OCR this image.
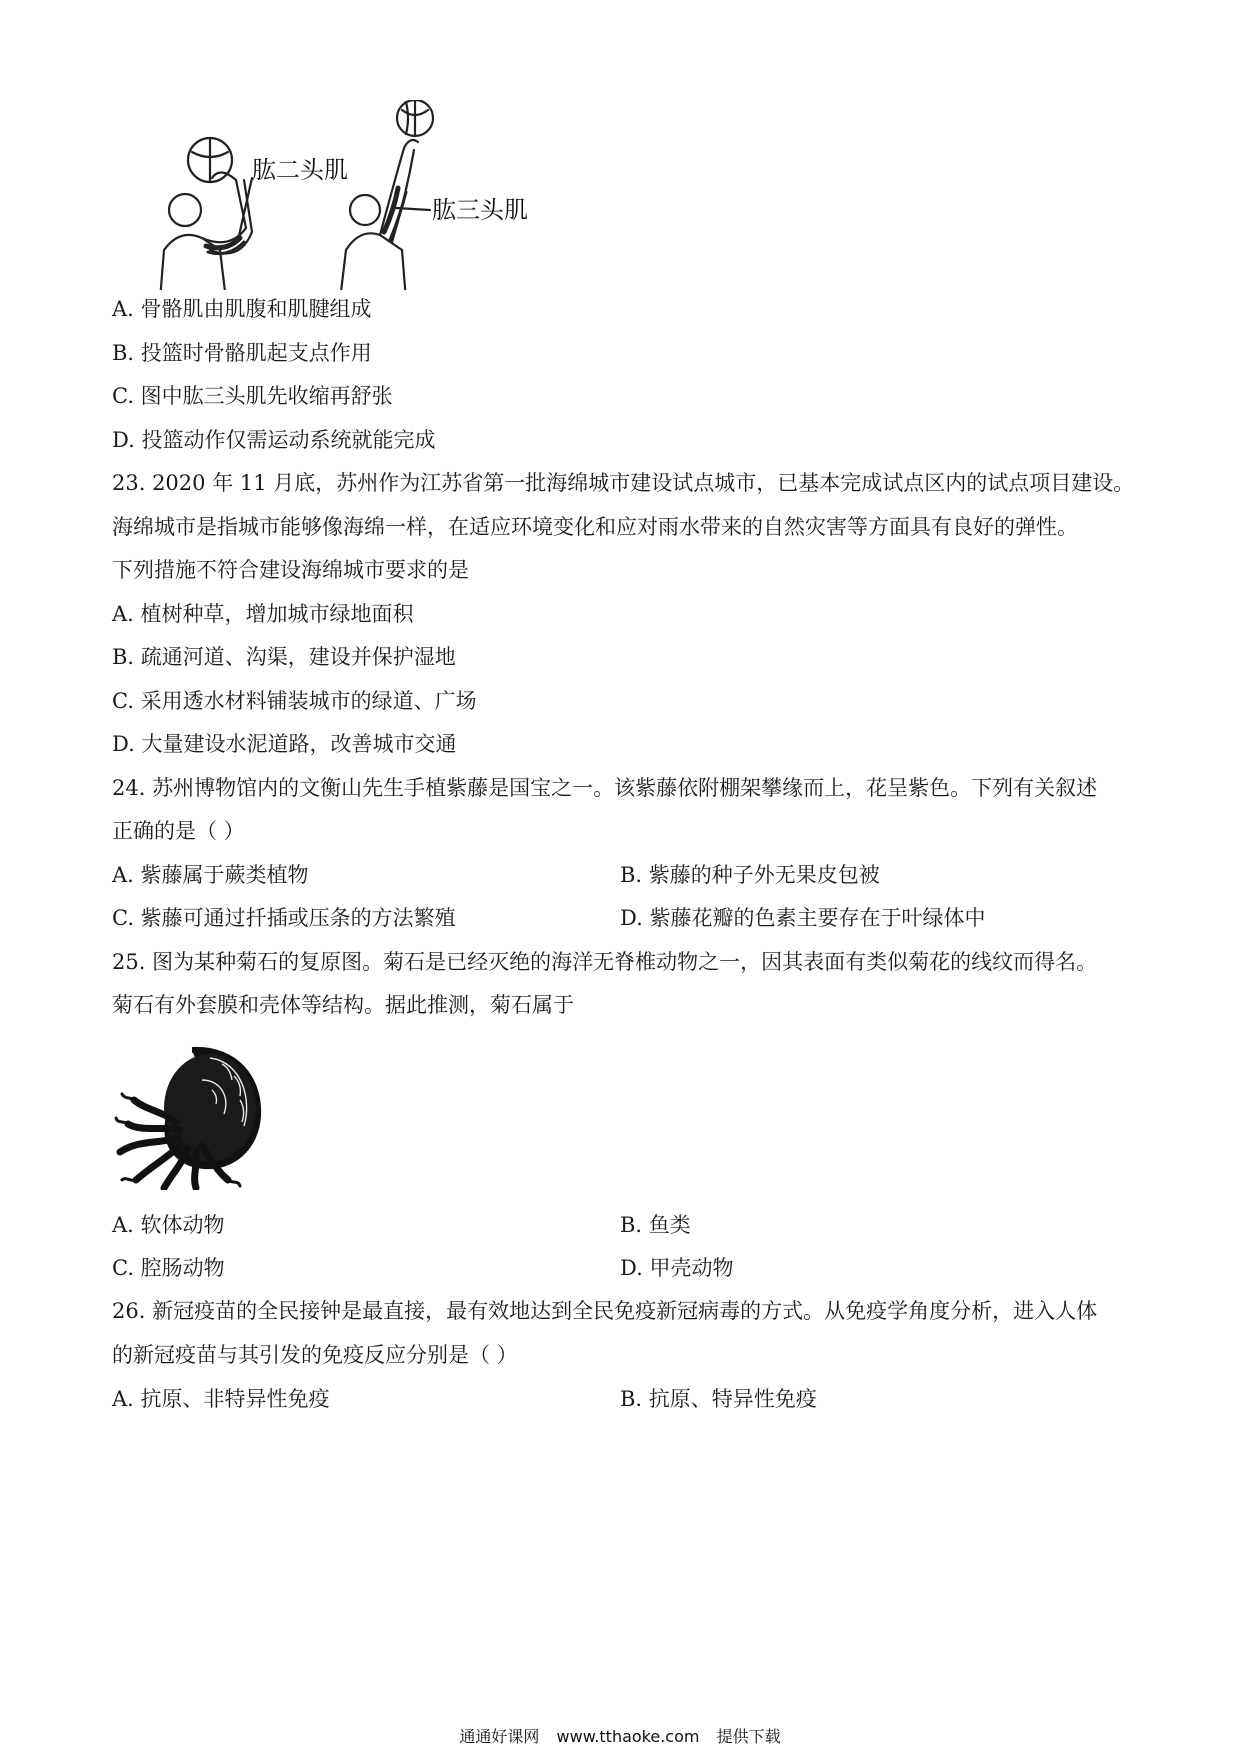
肱二头肌
肱三头肌
A. 骨骼肌由肌腹和肌腱组成
B. 投篮时骨骼肌起支点作用
C. 图中肱三头肌先收缩再舒张
D. 投篮动作仅需运动系统就能完成
23. 2020 年 11 月底，苏州作为江苏省第一批海绵城市建设试点城市，已基本完成试点区内的试点项目建设。
海绵城市是指城市能够像海绵一样，在适应环境变化和应对雨水带来的自然灾害等方面具有良好的弹性。
下列措施不符合建设海绵城市要求的是
A. 植树种草，增加城市绿地面积
B. 疏通河道、沟渠，建设并保护湿地
C. 采用透水材料铺装城市的绿道、广场
D. 大量建设水泥道路，改善城市交通
24. 苏州博物馆内的文衡山先生手植紫藤是国宝之一。该紫藤依附棚架攀缘而上，花呈紫色。下列有关叙述
正确的是（ ）
A. 紫藤属于蕨类植物	B. 紫藤的种子外无果皮包被
C. 紫藤可通过扦插或压条的方法繁殖	D. 紫藤花瓣的色素主要存在于叶绿体中
25. 图为某种菊石的复原图。菊石是已经灭绝的海洋无脊椎动物之一，因其表面有类似菊花的线纹而得名。
菊石有外套膜和壳体等结构。据此推测，菊石属于
A. 软体动物	B. 鱼类
C. 腔肠动物	D. 甲壳动物
26. 新冠疫苗的全民接钟是最直接，最有效地达到全民免疫新冠病毒的方式。从免疫学角度分析，进入人体
的新冠疫苗与其引发的免疫反应分别是（ ）
A. 抗原、非特异性免疫	B. 抗原、特异性免疫
通通好课网 www.tthaoke.com 提供下载
